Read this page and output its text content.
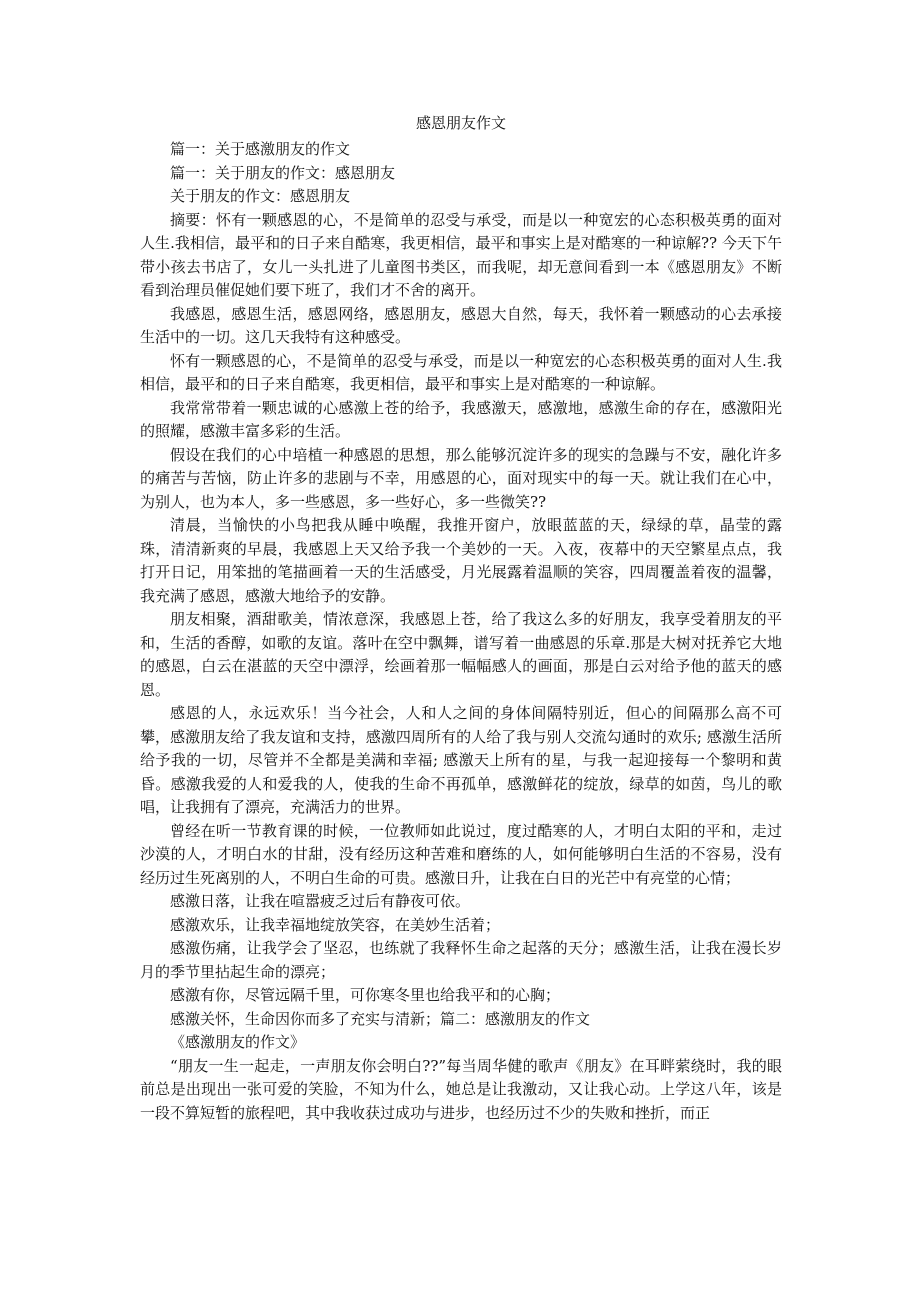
感恩朋友作文
篇一：关于感激朋友的作文
篇一：关于朋友的作文：感恩朋友
关于朋友的作文：感恩朋友

摘要：怀有一颗感恩的心，不是简单的忍受与承受，而是以一种宽宏的心态积极英勇的面对人生.我相信，最平和的日子来自酷寒，我更相信，最平和事实上是对酷寒的一种谅解?? 今天下午带小孩去书店了，女儿一头扎进了儿童图书类区，而我呢，却无意间看到一本《感恩朋友》不断看到治理员催促她们要下班了，我们才不舍的离开。

我感恩，感恩生活，感恩网络，感恩朋友，感恩大自然，每天，我怀着一颗感动的心去承接生活中的一切。这几天我特有这种感受。

怀有一颗感恩的心，不是简单的忍受与承受，而是以一种宽宏的心态积极英勇的面对人生.我相信，最平和的日子来自酷寒，我更相信，最平和事实上是对酷寒的一种谅解。

我常常带着一颗忠诚的心感激上苍的给予，我感激天，感激地，感激生命的存在，感激阳光的照耀，感激丰富多彩的生活。

假设在我们的心中培植一种感恩的思想，那么能够沉淀许多的现实的急躁与不安，融化许多的痛苦与苦恼，防止许多的悲剧与不幸，用感恩的心，面对现实中的每一天。就让我们在心中，为别人，也为本人，多一些感恩，多一些好心，多一些微笑??

清晨，当愉快的小鸟把我从睡中唤醒，我推开窗户，放眼蓝蓝的天，绿绿的草，晶莹的露珠，清清新爽的早晨，我感恩上天又给予我一个美妙的一天。入夜，夜幕中的天空繁星点点，我打开日记，用笨拙的笔描画着一天的生活感受，月光展露着温顺的笑容，四周覆盖着夜的温馨，我充满了感恩，感激大地给予的安静。

朋友相聚，酒甜歌美，情浓意深，我感恩上苍，给了我这么多的好朋友，我享受着朋友的平和，生活的香醇，如歌的友谊。落叶在空中飘舞，谱写着一曲感恩的乐章.那是大树对抚养它大地的感恩，白云在湛蓝的天空中漂浮，绘画着那一幅幅感人的画面，那是白云对给予他的蓝天的感恩。

感恩的人，永远欢乐！当今社会，人和人之间的身体间隔特别近，但心的间隔那么高不可攀，感激朋友给了我友谊和支持，感激四周所有的人给了我与别人交流勾通时的欢乐; 感激生活所给予我的一切，尽管并不全都是美满和幸福; 感激天上所有的星，与我一起迎接每一个黎明和黄昏。感激我爱的人和爱我的人，使我的生命不再孤单，感激鲜花的绽放，绿草的如茵，鸟儿的歌唱，让我拥有了漂亮，充满活力的世界。

曾经在听一节教育课的时候，一位教师如此说过，度过酷寒的人，才明白太阳的平和，走过沙漠的人，才明白水的甘甜，没有经历这种苦难和磨练的人，如何能够明白生活的不容易，没有经历过生死离别的人，不明白生命的可贵。感激日升，让我在白日的光芒中有亮堂的心情；

感激日落，让我在喧嚣疲乏过后有静夜可依。

感激欢乐，让我幸福地绽放笑容，在美妙生活着；

感激伤痛，让我学会了坚忍，也练就了我释怀生命之起落的天分；感激生活，让我在漫长岁月的季节里拈起生命的漂亮；

感激有你，尽管远隔千里，可你寒冬里也给我平和的心胸；

感激关怀，生命因你而多了充实与清新；篇二：感激朋友的作文

《感激朋友的作文》

“朋友一生一起走，一声朋友你会明白??”每当周华健的歌声《朋友》在耳畔萦绕时，我的眼前总是出现出一张可爱的笑脸，不知为什么，她总是让我激动，又让我心动。上学这八年，该是一段不算短暂的旅程吧，其中我收获过成功与进步，也经历过不少的失败和挫折，而正
